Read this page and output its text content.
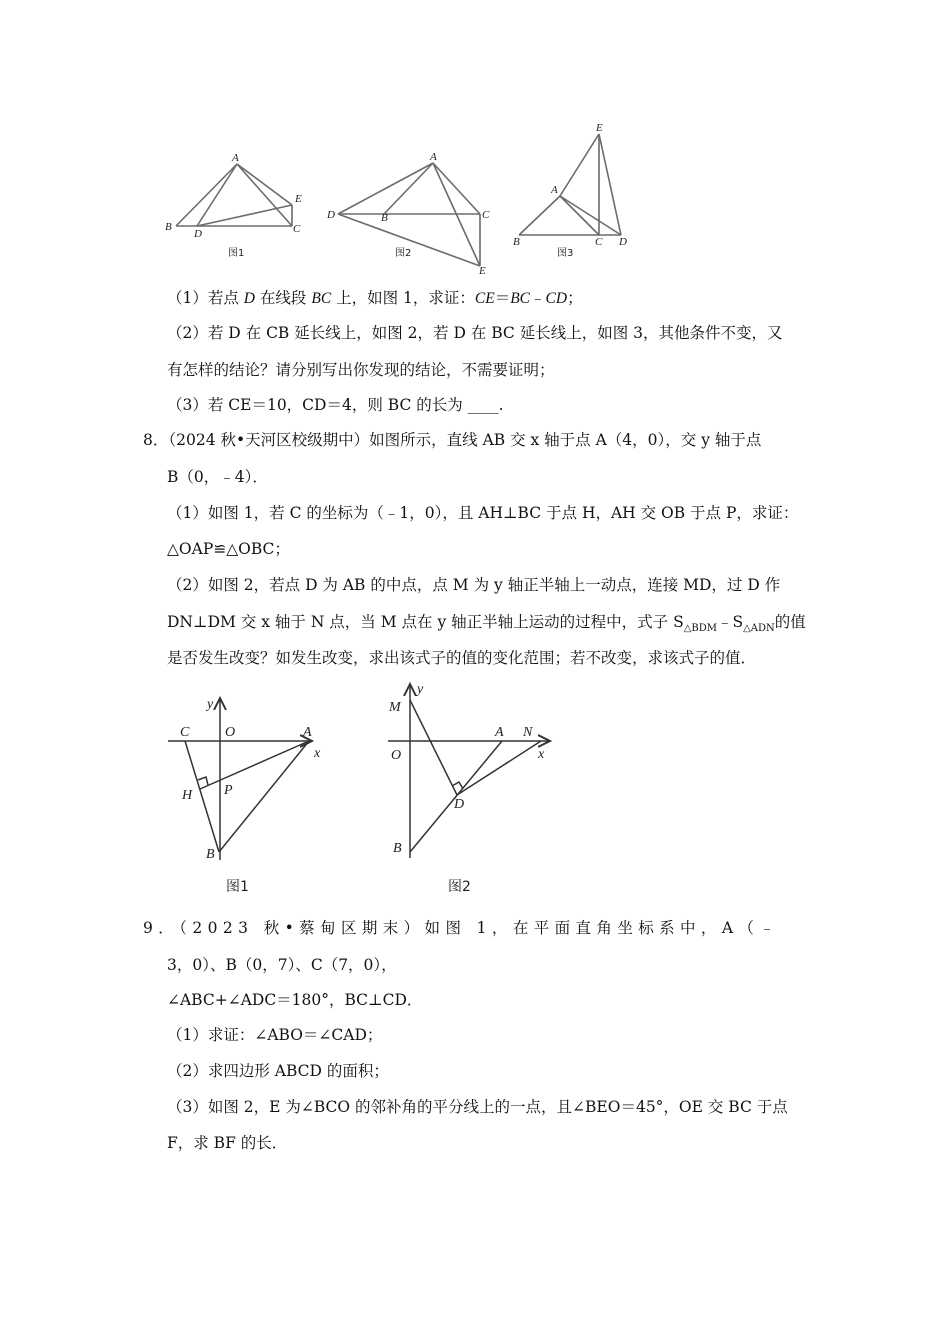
A
B
D
E
C
图1
A
D	B	C
E
图2
E
A
B	C D
图3
（1）若点 D 在线段 BC 上，如图 1，求证：CE＝BC﹣CD；
（2）若 D 在 CB 延长线上，如图 2，若 D 在 BC 延长线上，如图 3，其他条件不变，又
有怎样的结论？请分别写出你发现的结论，不需要证明；
（3）若 CE＝10，CD＝4，则 BC 的长为 ____.
8．（2024 秋•天河区校级期中）如图所示，直线 AB 交 x 轴于点 A（4，0），交 y 轴于点
B（0，﹣4）．
（1）如图 1，若 C 的坐标为（﹣1，0），且 AH⊥BC 于点 H，AH 交 OB 于点 P，求证：
△OAP≌△OBC；
（2）如图 2，若点 D 为 AB 的中点，点 M 为 y 轴正半轴上一动点，连接 MD，过 D 作
DN⊥DM 交 x 轴于 N 点，当 M 点在 y 轴正半轴上运动的过程中，式子 $S_{\triangle BDM}﹣S_{\triangle ADN}$的值
是否发生改变？如发生改变，求出该式子的值的变化范围；若不改变，求该式子的值．
y
C	O	A
x
H P
B
图1
y
M
O
A N
x
D
B
图2
9．（2023 秋•蔡甸区期末）如图 1，在平面直角坐标系中，A（﹣
3，0）、B（0，7）、C（7，0），
∠ABC+∠ADC＝180°，BC⊥CD．
（1）求证：∠ABO＝∠CAD；
（2）求四边形 ABCD 的面积；
（3）如图 2，E 为∠BCO 的邻补角的平分线上的一点，且∠BEO＝45°，OE 交 BC 于点
F，求 BF 的长．
